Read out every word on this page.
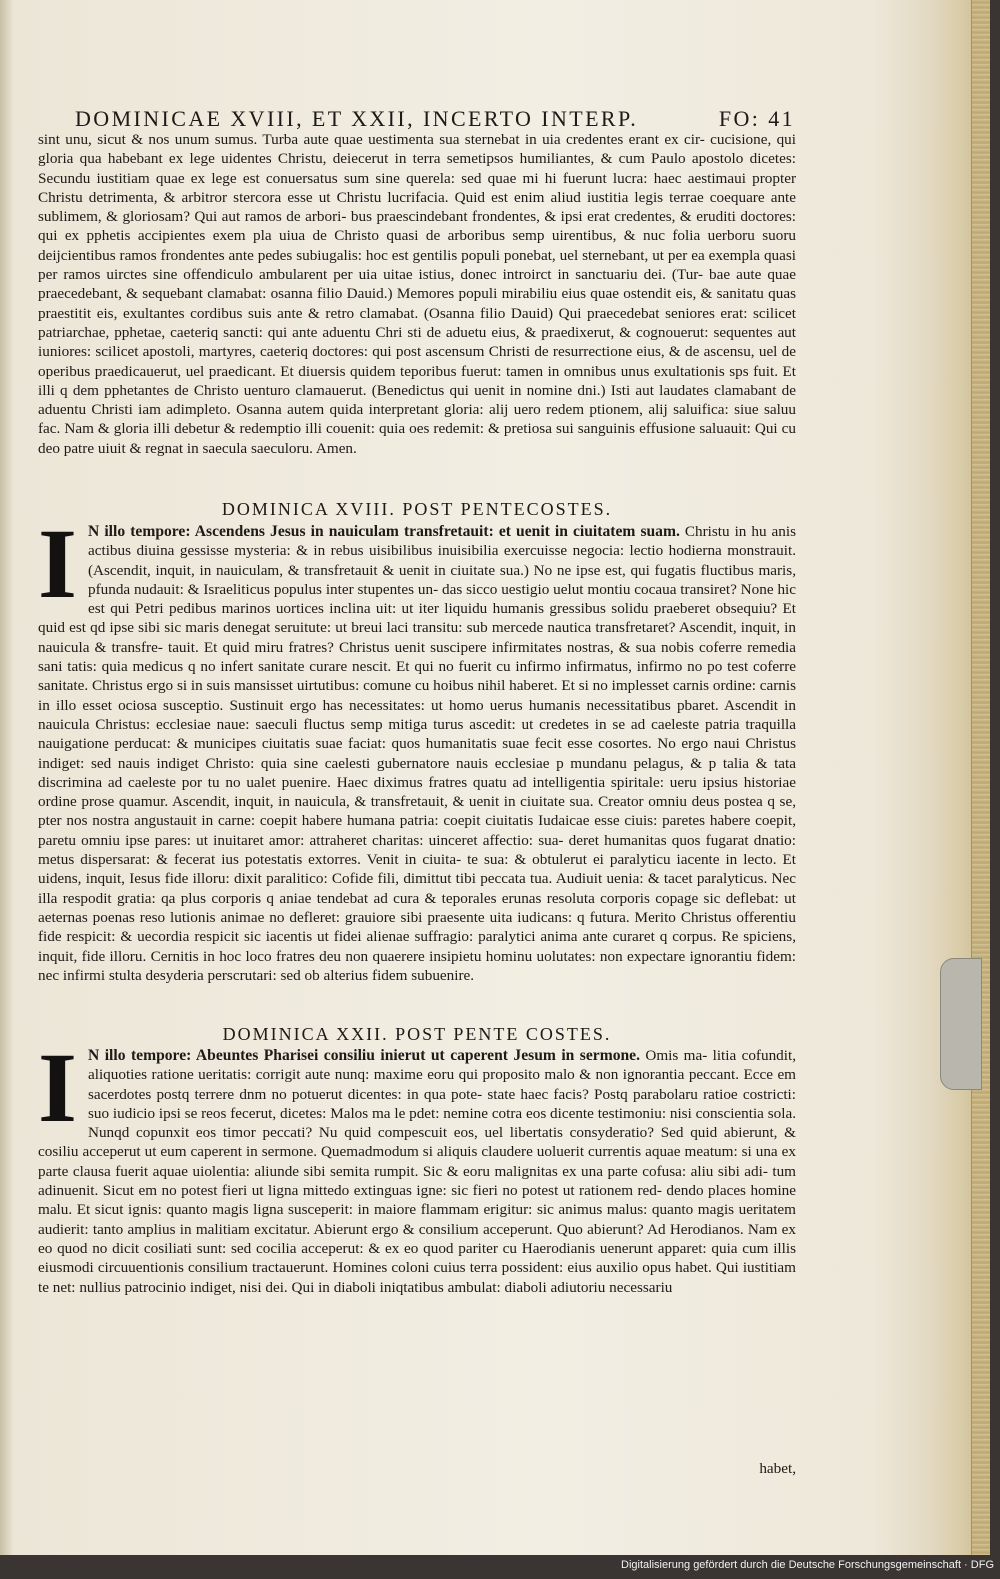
DOMINICAE XVIII, ET XXII, INCERTO INTERP.	FO: 41
sint unu, sicut & nos unum sumus. Turba aute quae uestimenta sua sternebat in uia credentes erant ex cir- cucisione, qui gloria qua habebant ex lege uidentes Christu, deiecerut in terra semetipsos humiliantes, & cum Paulo apostolo dicetes: Secundu iustitiam quae ex lege est conuersatus sum sine querela: sed quae mi hi fuerunt lucra: haec aestimaui propter Christu detrimenta, & arbitror stercora esse ut Christu lucrifacia. Quid est enim aliud iustitia legis terrae coequare ante sublimem, & gloriosam? Qui aut ramos de arbori- bus praescindebant frondentes, & ipsi erat credentes, & eruditi doctores: qui ex pphetis accipientes exem pla uiua de Christo quasi de arboribus semp uirentibus, & nuc folia uerboru suoru deijcientibus ramos frondentes ante pedes subiugalis: hoc est gentilis populi ponebat, uel sternebant, ut per ea exempla quasi per ramos uirctes sine offendiculo ambularent per uia uitae istius, donec introirct in sanctuariu dei. (Tur- bae aute quae praecedebant, & sequebant clamabat: osanna filio Dauid.) Memores populi mirabiliu eius quae ostendit eis, & sanitatu quas praestitit eis, exultantes cordibus suis ante & retro clamabat. (Osanna filio Dauid) Qui praecedebat seniores erat: scilicet patriarchae, pphetae, caeteriq sancti: qui ante aduentu Chri sti de aduetu eius, & praedixerut, & cognouerut: sequentes aut iuniores: scilicet apostoli, martyres, caeteriq doctores: qui post ascensum Christi de resurrectione eius, & de ascensu, uel de operibus praedicauerut, uel praedicant. Et diuersis quidem teporibus fuerut: tamen in omnibus unus exultationis sps fuit. Et illi q dem pphetantes de Christo uenturo clamauerut. (Benedictus qui uenit in nomine dni.) Isti aut laudates clamabant de aduentu Christi iam adimpleto. Osanna autem quida interpretant gloria: alij uero redem ptionem, alij saluifica: siue saluu fac. Nam & gloria illi debetur & redemptio illi couenit: quia oes redemit: & pretiosa sui sanguinis effusione saluauit: Qui cu deo patre uiuit & regnat in saecula saeculoru. Amen.
DOMINICA XVIII. POST PENTECOSTES.
I N illo tempore: Ascendens Jesus in nauiculam transfretauit: et uenit in ciuitatem suam. Christu in hu anis actibus diuina gessisse mysteria: & in rebus uisibilibus inuisibilia exercuisse negocia: lectio hodierna monstrauit. (Ascendit, inquit, in nauiculam, & transfretauit & uenit in ciuitate sua.) No ne ipse est, qui fugatis fluctibus maris, pfunda nudauit: & Israeliticus populus inter stupentes un- das sicco uestigio uelut montiu cocaua transiret? None hic est qui Petri pedibus marinos uortices inclina uit: ut iter liquidu humanis gressibus solidu praeberet obsequiu? Et quid est qd ipse sibi sic maris denegat seruitute: ut breui laci transitu: sub mercede nautica transfretaret? Ascendit, inquit, in nauicula & transfre- tauit. Et quid miru fratres? Christus uenit suscipere infirmitates nostras, & sua nobis coferre remedia sani tatis: quia medicus q no infert sanitate curare nescit. Et qui no fuerit cu infirmo infirmatus, infirmo no po test coferre sanitate. Christus ergo si in suis mansisset uirtutibus: comune cu hoibus nihil haberet. Et si no implesset carnis ordine: carnis in illo esset ociosa susceptio. Sustinuit ergo has necessitates: ut homo uerus humanis necessitatibus pbaret. Ascendit in nauicula Christus: ecclesiae naue: saeculi fluctus semp mitiga turus ascedit: ut credetes in se ad caeleste patria traquilla nauigatione perducat: & municipes ciuitatis suae faciat: quos humanitatis suae fecit esse cosortes. No ergo naui Christus indiget: sed nauis indiget Christo: quia sine caelesti gubernatore nauis ecclesiae p mundanu pelagus, & p talia & tata discrimina ad caeleste por tu no ualet puenire. Haec diximus fratres quatu ad intelligentia spiritale: ueru ipsius historiae ordine prose quamur. Ascendit, inquit, in nauicula, & transfretauit, & uenit in ciuitate sua. Creator omniu deus postea q se, pter nos nostra angustauit in carne: coepit habere humana patria: coepit ciuitatis Iudaicae esse ciuis: paretes habere coepit, paretu omniu ipse pares: ut inuitaret amor: attraheret charitas: uinceret affectio: sua- deret humanitas quos fugarat dnatio: metus dispersarat: & fecerat ius potestatis extorres. Venit in ciuita- te sua: & obtulerut ei paralyticu iacente in lecto. Et uidens, inquit, Iesus fide illoru: dixit paralitico: Cofide fili, dimittut tibi peccata tua. Audiuit uenia: & tacet paralyticus. Nec illa respodit gratia: qa plus corporis q aniae tendebat ad cura & teporales erunas resoluta corporis copage sic deflebat: ut aeternas poenas reso lutionis animae no defleret: grauiore sibi praesente uita iudicans: q futura. Merito Christus offerentiu fide respicit: & uecordia respicit sic iacentis ut fidei alienae suffragio: paralytici anima ante curaret q corpus. Re spiciens, inquit, fide illoru. Cernitis in hoc loco fratres deu non quaerere insipietu hominu uolutates: non expectare ignorantiu fidem: nec infirmi stulta desyderia perscrutari: sed ob alterius fidem subuenire.
DOMINICA XXII. POST PENTE COSTES.
I N illo tempore: Abeuntes Pharisei consiliu inierut ut caperent Jesum in sermone. Omis ma- litia cofundit, aliquoties ratione ueritatis: corrigit aute nunq: maxime eoru qui proposito malo & non ignorantia peccant. Ecce em sacerdotes postq terrere dnm no potuerut dicentes: in qua pote- state haec facis? Postq parabolaru ratioe costricti: suo iudicio ipsi se reos fecerut, dicetes: Malos ma le pdet: nemine cotra eos dicente testimoniu: nisi conscientia sola. Nunqd copunxit eos timor peccati? Nu quid compescuit eos, uel libertatis consyderatio? Sed quid abierunt, & cosiliu acceperut ut eum caperent in sermone. Quemadmodum si aliquis claudere uoluerit currentis aquae meatum: si una ex parte clausa fuerit aquae uiolentia: aliunde sibi semita rumpit. Sic & eoru malignitas ex una parte cofusa: aliu sibi adi- tum adinuenit. Sicut em no potest fieri ut ligna mittedo extinguas igne: sic fieri no potest ut rationem red- dendo places homine malu. Et sicut ignis: quanto magis ligna susceperit: in maiore flammam erigitur: sic animus malus: quanto magis ueritatem audierit: tanto amplius in malitiam excitatur. Abierunt ergo & consilium acceperunt. Quo abierunt? Ad Herodianos. Nam ex eo quod no dicit cosiliati sunt: sed cocilia acceperut: & ex eo quod pariter cu Haerodianis uenerunt apparet: quia cum illis eiusmodi circuuentionis consilium tractauerunt. Homines coloni cuius terra possident: eius auxilio opus habet. Qui iustitiam te net: nullius patrocinio indiget, nisi dei. Qui in diaboli iniqtatibus ambulat: diaboli adiutoriu necessariu
habet,
Digitalisierung gefördert durch die Deutsche Forschungsgemeinschaft · DFG
